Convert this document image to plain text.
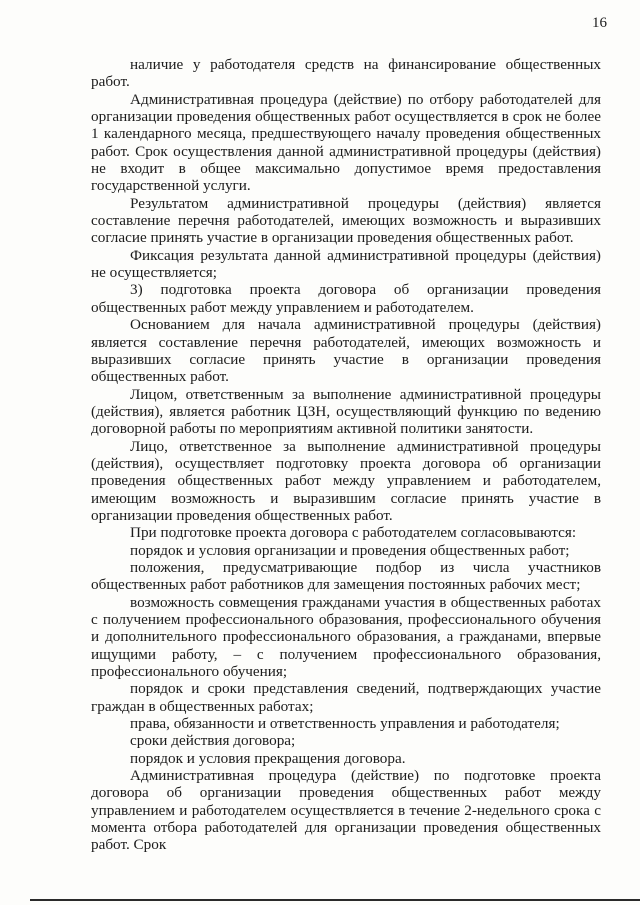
16

наличие у работодателя средств на финансирование общественных работ.

Административная процедура (действие) по отбору работодателей для организации проведения общественных работ осуществляется в срок не более 1 календарного месяца, предшествующего началу проведения общественных работ. Срок осуществления данной административной процедуры (действия) не входит в общее максимально допустимое время предоставления государственной услуги.

Результатом административной процедуры (действия) является составление перечня работодателей, имеющих возможность и выразивших согласие принять участие в организации проведения общественных работ.

Фиксация результата данной административной процедуры (действия) не осуществляется;

3) подготовка проекта договора об организации проведения общественных работ между управлением и работодателем.

Основанием для начала административной процедуры (действия) является составление перечня работодателей, имеющих возможность и выразивших согласие принять участие в организации проведения общественных работ.

Лицом, ответственным за выполнение административной процедуры (действия), является работник ЦЗН, осуществляющий функцию по ведению договорной работы по мероприятиям активной политики занятости.

Лицо, ответственное за выполнение административной процедуры (действия), осуществляет подготовку проекта договора об организации проведения общественных работ между управлением и работодателем, имеющим возможность и выразившим согласие принять участие в организации проведения общественных работ.

При подготовке проекта договора с работодателем согласовываются:

порядок и условия организации и проведения общественных работ;

положения, предусматривающие подбор из числа участников общественных работ работников для замещения постоянных рабочих мест;

возможность совмещения гражданами участия в общественных работах с получением профессионального образования, профессионального обучения и дополнительного профессионального образования, а гражданами, впервые ищущими работу, – с получением профессионального образования, профессионального обучения;

порядок и сроки представления сведений, подтверждающих участие граждан в общественных работах;

права, обязанности и ответственность управления и работодателя;

сроки действия договора;

порядок и условия прекращения договора.

Административная процедура (действие) по подготовке проекта договора об организации проведения общественных работ между управлением и работодателем осуществляется в течение 2-недельного срока с момента отбора работодателей для организации проведения общественных работ. Срок
